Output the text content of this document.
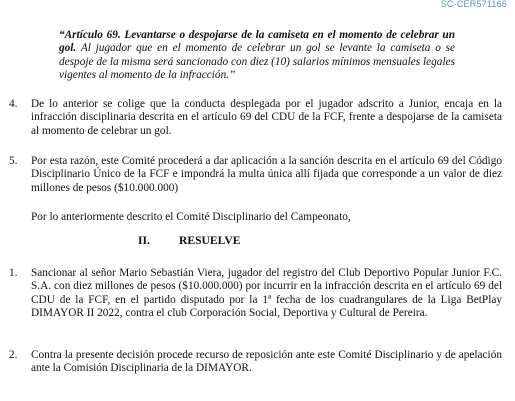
SC-CER571166
“Artículo 69. Levantarse o despojarse de la camiseta en el momento de celebrar un gol. Al jugador que en el momento de celebrar un gol se levante la camiseta o se despoje de la misma será sancionado con diez (10) salarios mínimos mensuales legales vigentes al momento de la infracción.”
4. De lo anterior se colige que la conducta desplegada por el jugador adscrito a Junior, encaja en la infracción disciplinaria descrita en el artículo 69 del CDU de la FCF, frente a despojarse de la camiseta al momento de celebrar un gol.
5. Por esta razón, este Comité procederá a dar aplicación a la sanción descrita en el artículo 69 del Código Disciplinario Único de la FCF e impondrá la multa única allí fijada que corresponde a un valor de diez millones de pesos ($10.000.000)
Por lo anteriormente descrito el Comité Disciplinario del Campeonato,
II.	RESUELVE
1. Sancionar al señor Mario Sebastián Viera, jugador del registro del Club Deportivo Popular Junior F.C. S.A. con diez millones de pesos ($10.000.000) por incurrir en la infracción descrita en el artículo 69 del CDU de la FCF, en el partido disputado por la 1ª fecha de los cuadrangulares de la Liga BetPlay DIMAYOR II 2022, contra el club Corporación Social, Deportiva y Cultural de Pereira.
2. Contra la presente decisión procede recurso de reposición ante este Comité Disciplinario y de apelación ante la Comisión Disciplinaria de la DIMAYOR.
